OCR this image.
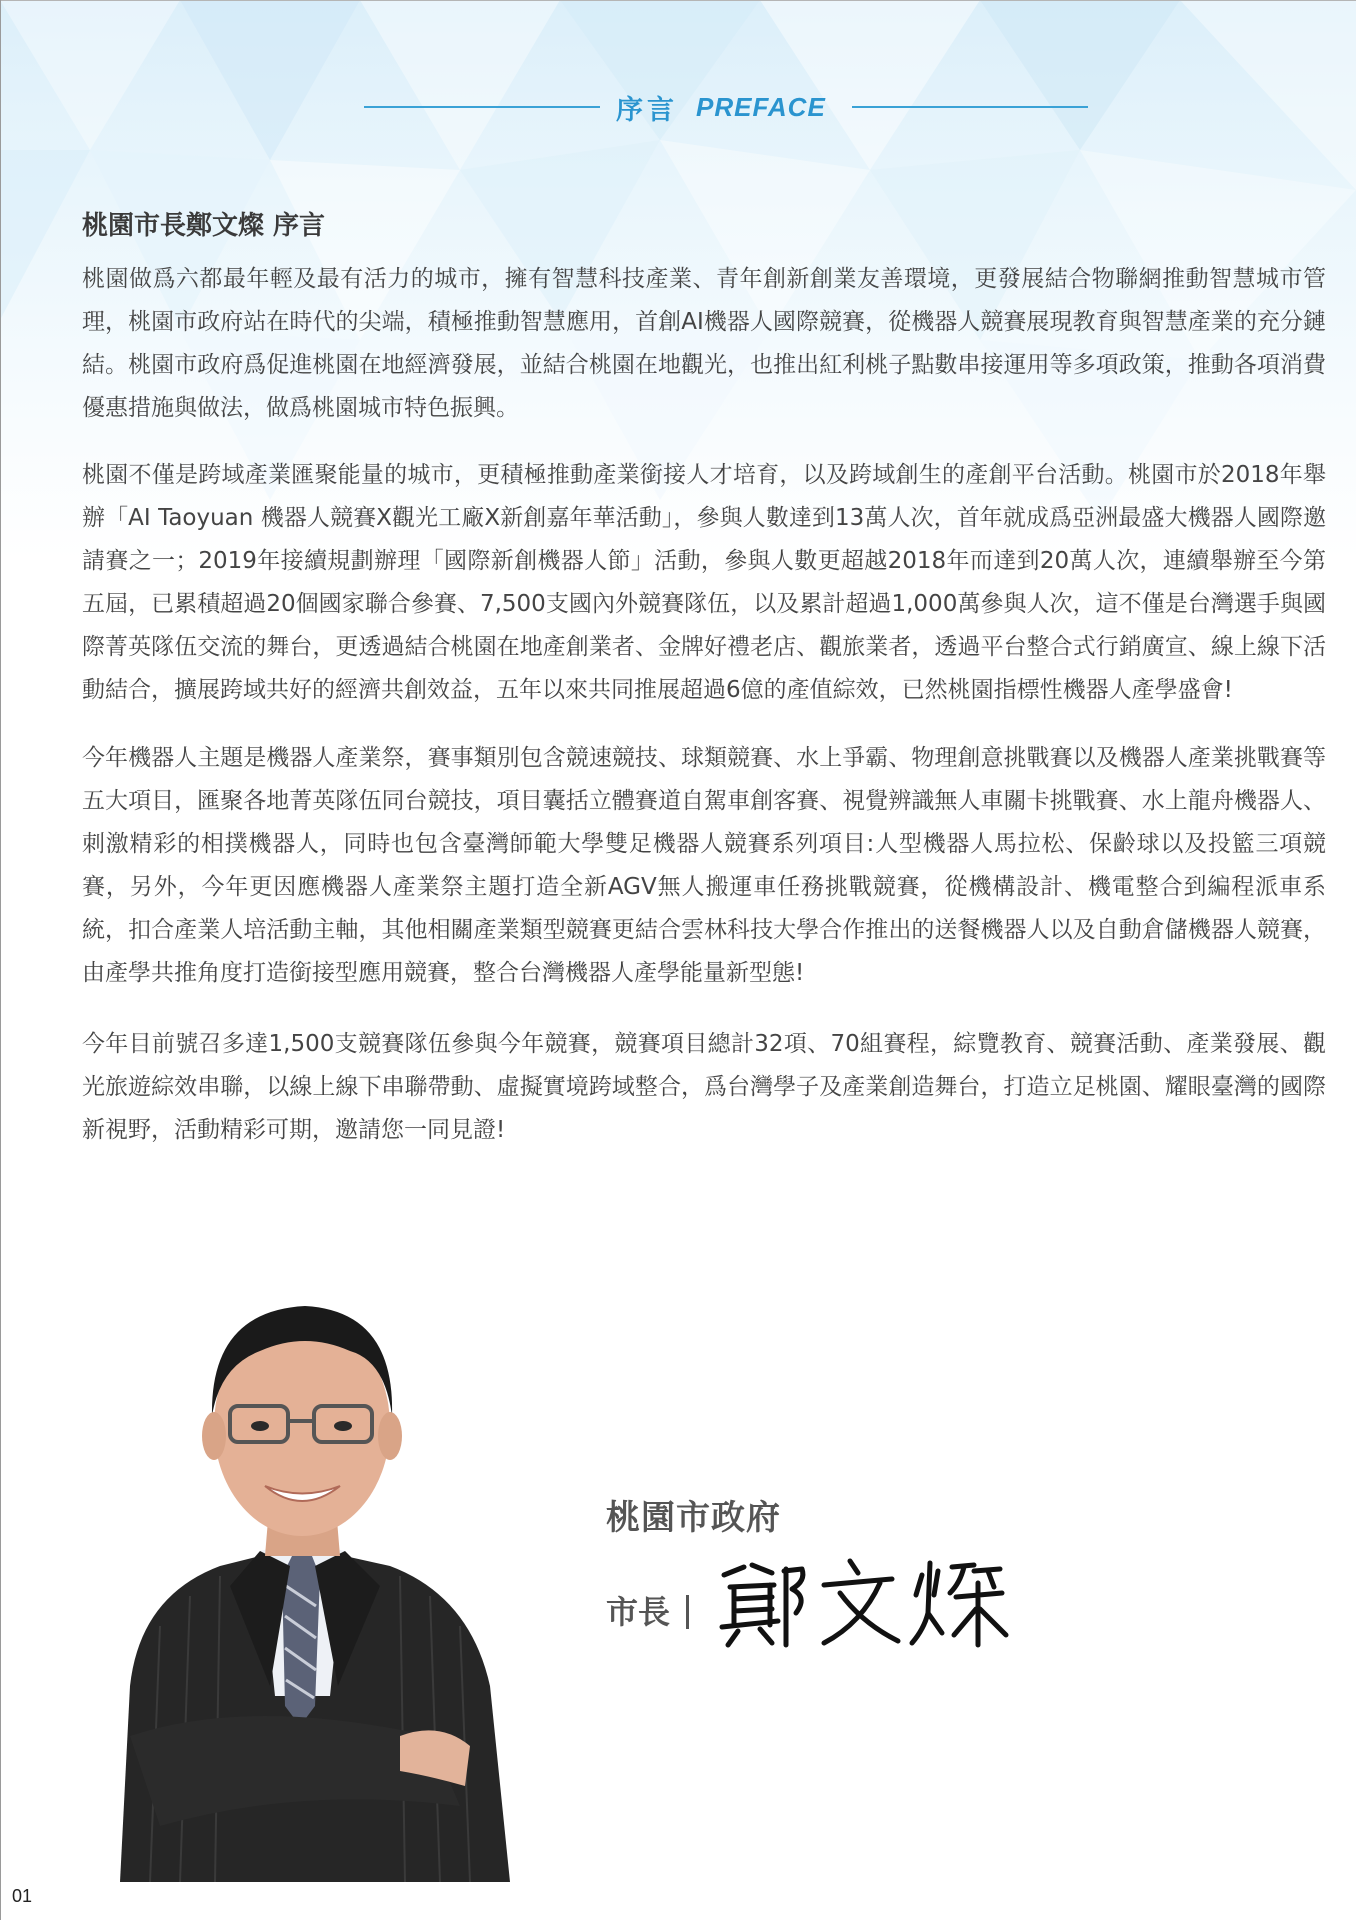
序言 PREFACE
桃園市長鄭文燦 序言

桃園做爲六都最年輕及最有活力的城市，擁有智慧科技產業、青年創新創業友善環境，更發展結合物聯網推動智慧城市管理，桃園市政府站在時代的尖端，積極推動智慧應用，首創AI機器人國際競賽，從機器人競賽展現教育與智慧產業的充分鏈結。桃園市政府爲促進桃園在地經濟發展，並結合桃園在地觀光，也推出紅利桃子點數串接運用等多項政策，推動各項消費優惠措施與做法，做爲桃園城市特色振興。

桃園不僅是跨域產業匯聚能量的城市，更積極推動產業銜接人才培育，以及跨域創生的產創平台活動。桃園市於2018年舉辦「AI Taoyuan 機器人競賽X觀光工廠X新創嘉年華活動」，參與人數達到13萬人次，首年就成爲亞洲最盛大機器人國際邀請賽之一；2019年接續規劃辦理「國際新創機器人節」活動，參與人數更超越2018年而達到20萬人次，連續舉辦至今第五屆，已累積超過20個國家聯合參賽、7,500支國內外競賽隊伍，以及累計超過1,000萬參與人次，這不僅是台灣選手與國際菁英隊伍交流的舞台，更透過結合桃園在地產創業者、金牌好禮老店、觀旅業者，透過平台整合式行銷廣宣、線上線下活動結合，擴展跨域共好的經濟共創效益，五年以來共同推展超過6億的產值綜效，已然桃園指標性機器人產學盛會!

今年機器人主題是機器人產業祭，賽事類別包含競速競技、球類競賽、水上爭霸、物理創意挑戰賽以及機器人產業挑戰賽等五大項目，匯聚各地菁英隊伍同台競技，項目囊括立體賽道自駕車創客賽、視覺辨識無人車關卡挑戰賽、水上龍舟機器人、刺激精彩的相撲機器人，同時也包含臺灣師範大學雙足機器人競賽系列項目:人型機器人馬拉松、保齡球以及投籃三項競賽，另外，今年更因應機器人產業祭主題打造全新AGV無人搬運車任務挑戰競賽，從機構設計、機電整合到編程派車系統，扣合產業人培活動主軸，其他相關產業類型競賽更結合雲林科技大學合作推出的送餐機器人以及自動倉儲機器人競賽，由產學共推角度打造銜接型應用競賽，整合台灣機器人產學能量新型態!

今年目前號召多達1,500支競賽隊伍參與今年競賽，競賽項目總計32項、70組賽程，綜覽教育、競賽活動、產業發展、觀光旅遊綜效串聯，以線上線下串聯帶動、虛擬實境跨域整合，爲台灣學子及產業創造舞台，打造立足桃園、耀眼臺灣的國際新視野，活動精彩可期，邀請您一同見證!

桃園市政府
市長
01
